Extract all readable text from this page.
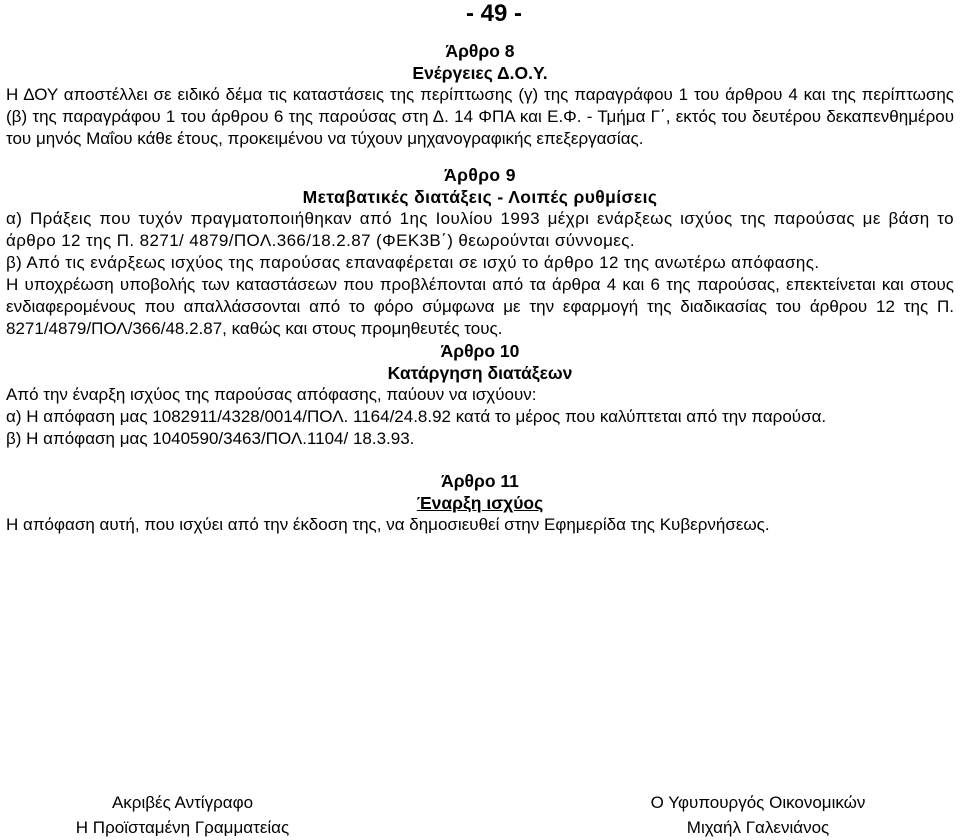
- 49 -
Άρθρο 8
Ενέργειες Δ.Ο.Υ.

Η ΔΟΥ αποστέλλει σε ειδικό δέμα τις καταστάσεις της περίπτωσης (γ) της παραγράφου 1 του άρθρου 4 και της περίπτωσης (β) της παραγράφου 1 του άρθρου 6 της παρούσας στη Δ. 14 ΦΠΑ και Ε.Φ. - Τμήμα Γ΄, εκτός του δευτέρου δεκαπενθημέρου του μηνός Μαΐου κάθε έτους, προκειμένου να τύχουν μηχανογραφικής επεξεργασίας.

Άρθρο 9
Μεταβατικές διατάξεις - Λοιπές ρυθμίσεις

α) Πράξεις που τυχόν πραγματοποιήθηκαν από 1ης Ιουλίου 1993 μέχρι ενάρξεως ισχύος της παρούσας με βάση το άρθρο 12 της Π. 8271/ 4879/ΠΟΛ.366/18.2.87 (ΦΕΚ3Β΄) θεωρούνται σύννομες.

β) Από τις ενάρξεως ισχύος της παρούσας επαναφέρεται σε ισχύ το άρθρο 12 της ανωτέρω απόφασης.

Η υποχρέωση υποβολής των καταστάσεων που προβλέπονται από τα άρθρα 4 και 6 της παρούσας, επεκτείνεται και στους ενδιαφερομένους που απαλλάσσονται από το φόρο σύμφωνα με την εφαρμογή της διαδικασίας του άρθρου 12 της Π. 8271/4879/ΠΟΛ/366/48.2.87, καθώς και στους προμηθευτές τους.

Άρθρο 10
Κατάργηση διατάξεων

Από την έναρξη ισχύος της παρούσας απόφασης, παύουν να ισχύουν:

α) Η απόφαση μας 1082911/4328/0014/ΠΟΛ. 1164/24.8.92 κατά το μέρος που καλύπτεται από την παρούσα.

β) Η απόφαση μας 1040590/3463/ΠΟΛ.1104/ 18.3.93.

Άρθρο 11
Έναρξη ισχύος

Η απόφαση αυτή, που ισχύει από την έκδοση της, να δημοσιευθεί στην Εφημερίδα της Κυβερνήσεως.

Ακριβές Αντίγραφο
Η Προϊσταμένη Γραμματείας
Ο Υφυπουργός Οικονομικών
Μιχαήλ Γαλενιάνος
